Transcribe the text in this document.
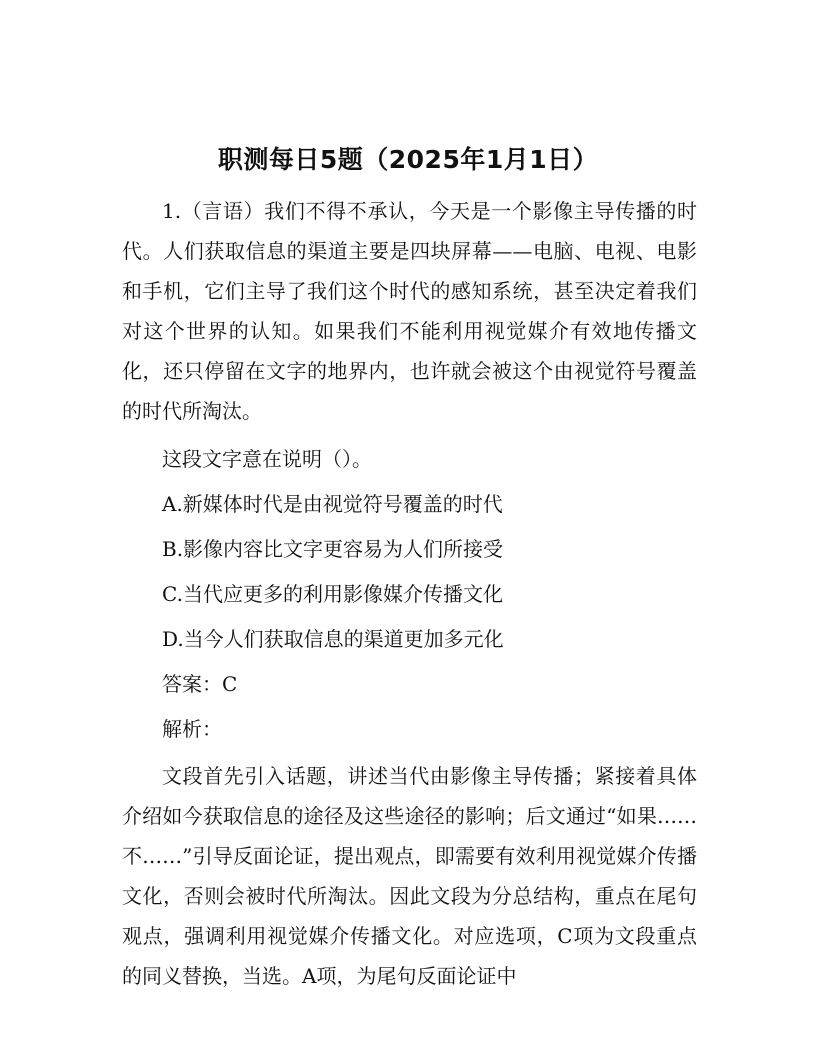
职测每日5题（2025年1月1日）

1.（言语）我们不得不承认，今天是一个影像主导传播的时代。人们获取信息的渠道主要是四块屏幕——电脑、电视、电影和手机，它们主导了我们这个时代的感知系统，甚至决定着我们对这个世界的认知。如果我们不能利用视觉媒介有效地传播文化，还只停留在文字的地界内，也许就会被这个由视觉符号覆盖的时代所淘汰。

这段文字意在说明（）。

A.新媒体时代是由视觉符号覆盖的时代

B.影像内容比文字更容易为人们所接受

C.当代应更多的利用影像媒介传播文化

D.当今人们获取信息的渠道更加多元化

答案：C

解析：

文段首先引入话题，讲述当代由影像主导传播；紧接着具体介绍如今获取信息的途径及这些途径的影响；后文通过“如果……不……”引导反面论证，提出观点，即需要有效利用视觉媒介传播文化，否则会被时代所淘汰。因此文段为分总结构，重点在尾句观点，强调利用视觉媒介传播文化。对应选项，C项为文段重点的同义替换，当选。A项，为尾句反面论证中
